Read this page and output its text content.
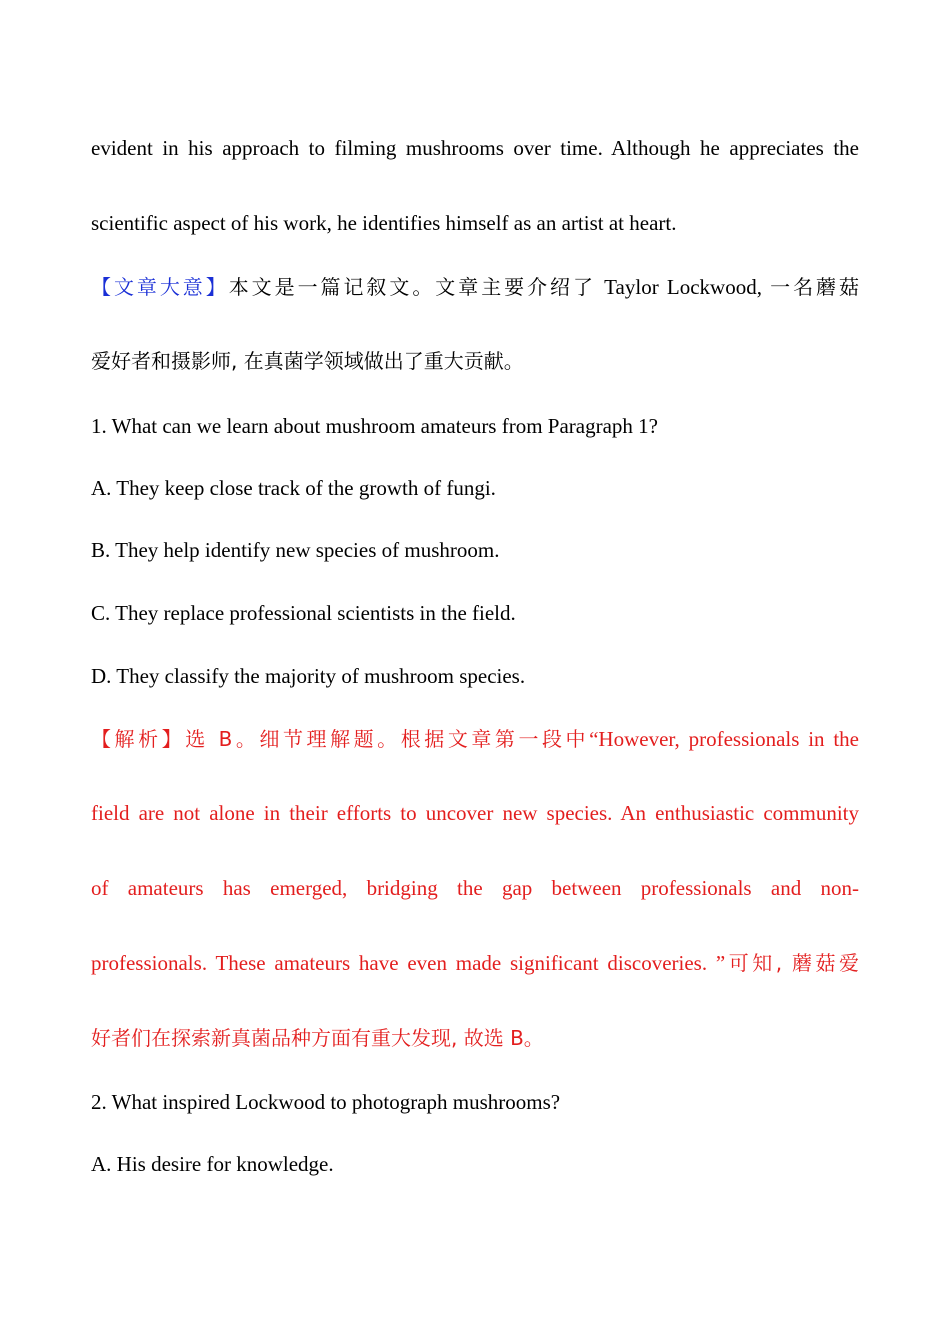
evident in his approach to filming mushrooms over time. Although he appreciates the
scientific aspect of his work, he identifies himself as an artist at heart.
【文章大意】本文是一篇记叙文。文章主要介绍了 Taylor Lockwood, 一名蘑菇
爱好者和摄影师, 在真菌学领域做出了重大贡献。
1. What can we learn about mushroom amateurs from Paragraph 1?
A. They keep close track of the growth of fungi.
B. They help identify new species of mushroom.
C. They replace professional scientists in the field.
D. They classify the majority of mushroom species.
【解析】选 B。细节理解题。根据文章第一段中“However, professionals in the
field are not alone in their efforts to uncover new species. An enthusiastic community
of amateurs has emerged, bridging the gap between professionals and non-
professionals. These amateurs have even made significant discoveries. ”可知, 蘑菇爱
好者们在探索新真菌品种方面有重大发现, 故选 B。
2. What inspired Lockwood to photograph mushrooms?
A. His desire for knowledge.
